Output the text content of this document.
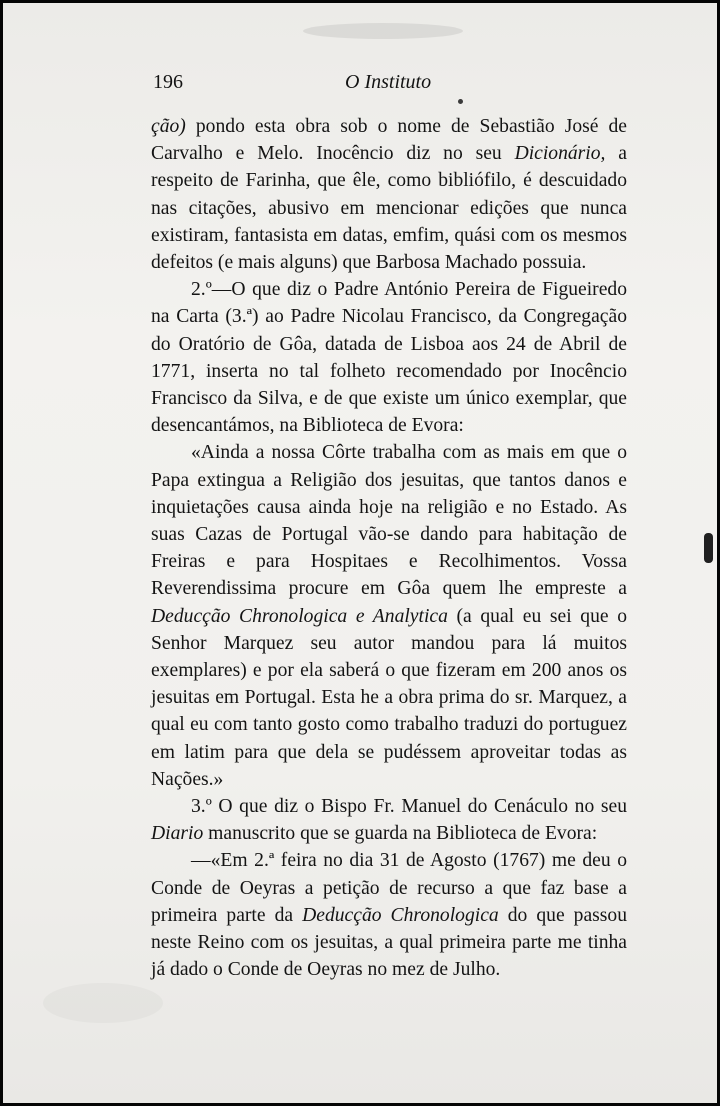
196	O Instituto

ção) pondo esta obra sob o nome de Sebastião José de Carvalho e Melo. Inocêncio diz no seu Dicionário, a respeito de Farinha, que êle, como bibliófilo, é descuidado nas citações, abusivo em mencionar edições que nunca existiram, fantasista em datas, emfim, quási com os mesmos defeitos (e mais alguns) que Barbosa Machado possuia.

2.º—O que diz o Padre António Pereira de Figueiredo na Carta (3.ª) ao Padre Nicolau Francisco, da Congregação do Oratório de Gôa, datada de Lisboa aos 24 de Abril de 1771, inserta no tal folheto recomendado por Inocêncio Francisco da Silva, e de que existe um único exemplar, que desencantámos, na Biblioteca de Evora:

«Ainda a nossa Côrte trabalha com as mais em que o Papa extingua a Religião dos jesuitas, que tantos danos e inquietações causa ainda hoje na religião e no Estado. As suas Cazas de Portugal vão-se dando para habitação de Freiras e para Hospitaes e Recolhimentos. Vossa Reverendissima procure em Gôa quem lhe empreste a Deducção Chronologica e Analytica (a qual eu sei que o Senhor Marquez seu autor mandou para lá muitos exemplares) e por ela saberá o que fizeram em 200 anos os jesuitas em Portugal. Esta he a obra prima do sr. Marquez, a qual eu com tanto gosto como trabalho traduzi do portuguez em latim para que dela se pudéssem aproveitar todas as Nações.»

3.º O que diz o Bispo Fr. Manuel do Cenáculo no seu Diario manuscrito que se guarda na Biblioteca de Evora:

—«Em 2.ª feira no dia 31 de Agosto (1767) me deu o Conde de Oeyras a petição de recurso a que faz base a primeira parte da Deducção Chronologica do que passou neste Reino com os jesuitas, a qual primeira parte me tinha já dado o Conde de Oeyras no mez de Julho.
